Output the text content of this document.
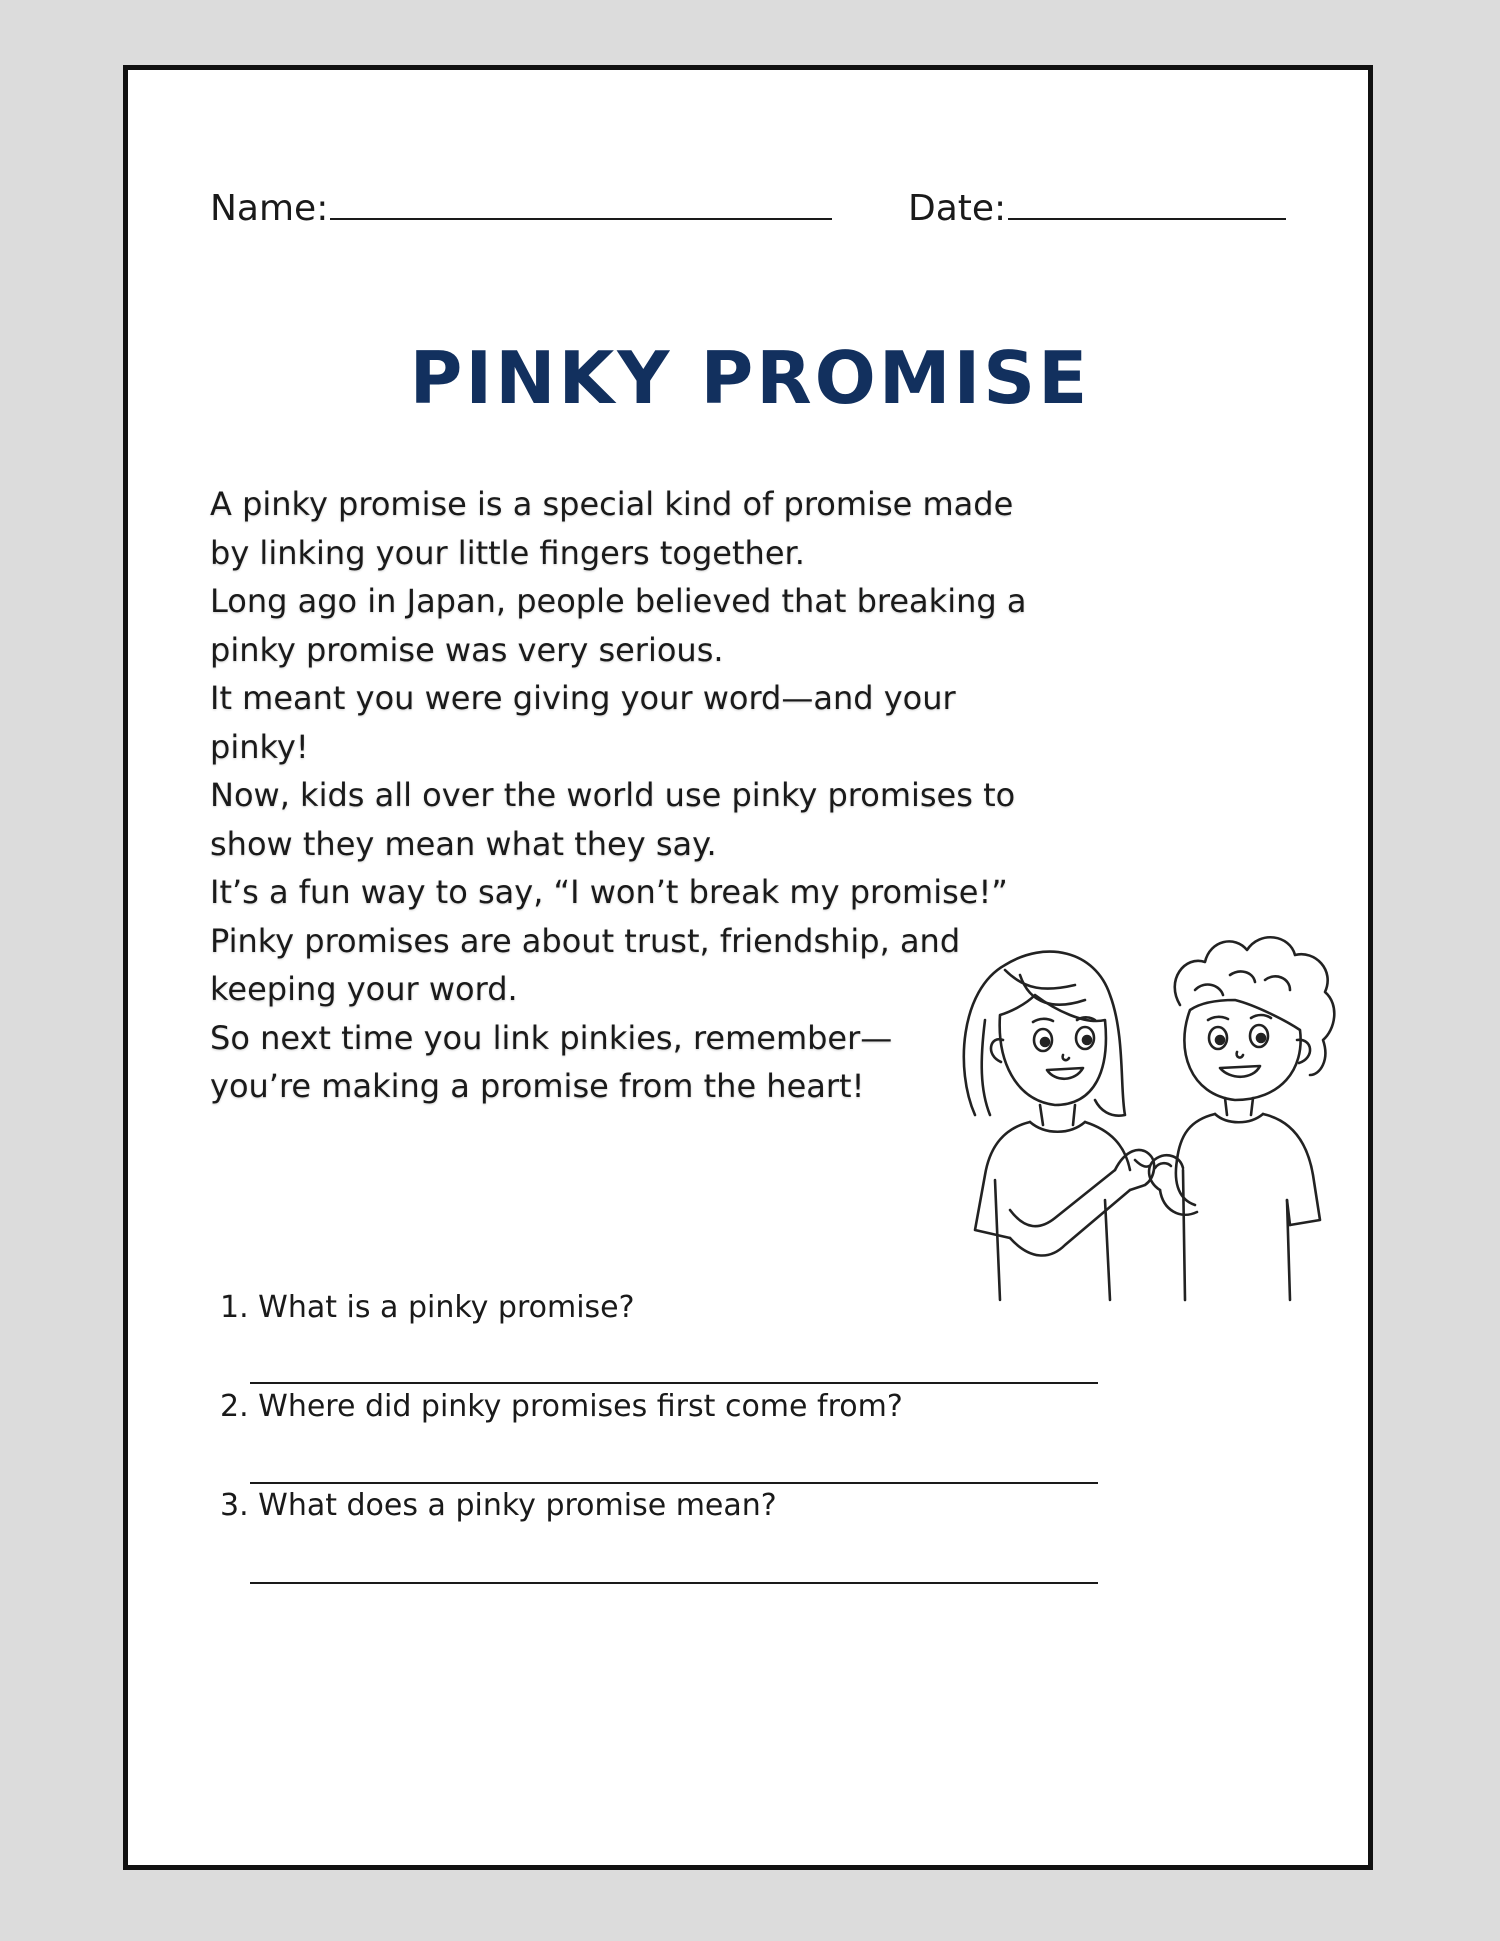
Name:	Date:
PINKY PROMISE
A pinky promise is a special kind of promise made
by linking your little fingers together.
Long ago in Japan, people believed that breaking a
pinky promise was very serious.
It meant you were giving your word—and your
pinky!
Now, kids all over the world use pinky promises to
show they mean what they say.
It’s a fun way to say, “I won’t break my promise!”
Pinky promises are about trust, friendship, and
keeping your word.
So next time you link pinkies, remember—
you’re making a promise from the heart!
1. What is a pinky promise?
2. Where did pinky promises first come from?
3. What does a pinky promise mean?
